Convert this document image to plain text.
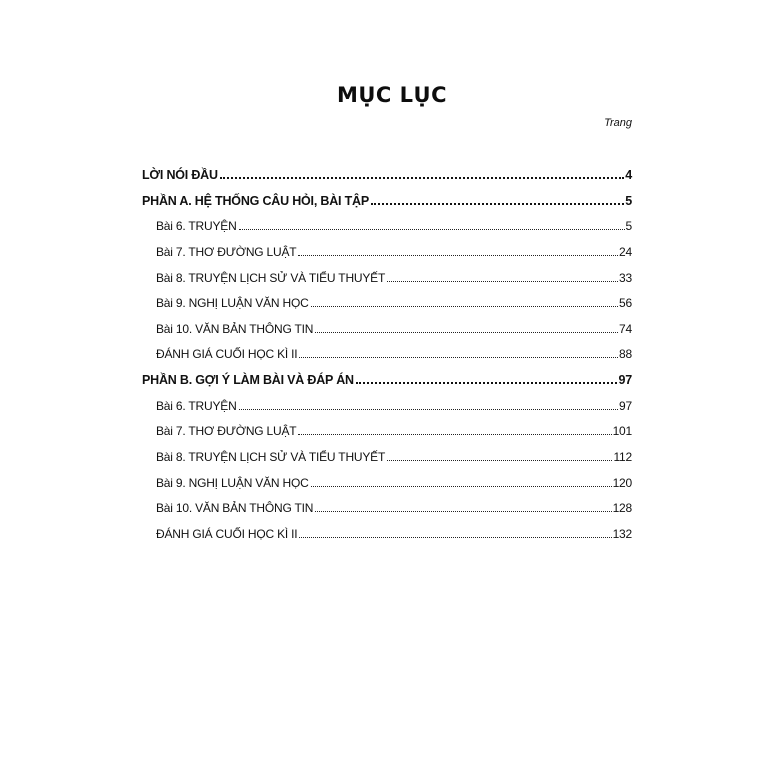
MỤC LỤC
Trang
LỜI NÓI ĐẦU	4
PHẦN A. HỆ THỐNG CÂU HỎI, BÀI TẬP	5
Bài 6. TRUYỆN	5
Bài 7. THƠ ĐƯỜNG LUẬT	24
Bài 8. TRUYỆN LỊCH SỬ VÀ TIỂU THUYẾT	33
Bài 9. NGHỊ LUẬN VĂN HỌC	56
Bài 10. VĂN BẢN THÔNG TIN	74
ĐÁNH GIÁ CUỐI HỌC KÌ II	88
PHẦN B. GỢI Ý LÀM BÀI VÀ ĐÁP ÁN	97
Bài 6. TRUYỆN	97
Bài 7. THƠ ĐƯỜNG LUẬT	101
Bài 8. TRUYỆN LỊCH SỬ VÀ TIỂU THUYẾT	112
Bài 9. NGHỊ LUẬN VĂN HỌC	120
Bài 10. VĂN BẢN THÔNG TIN	128
ĐÁNH GIÁ CUỐI HỌC KÌ II	132
